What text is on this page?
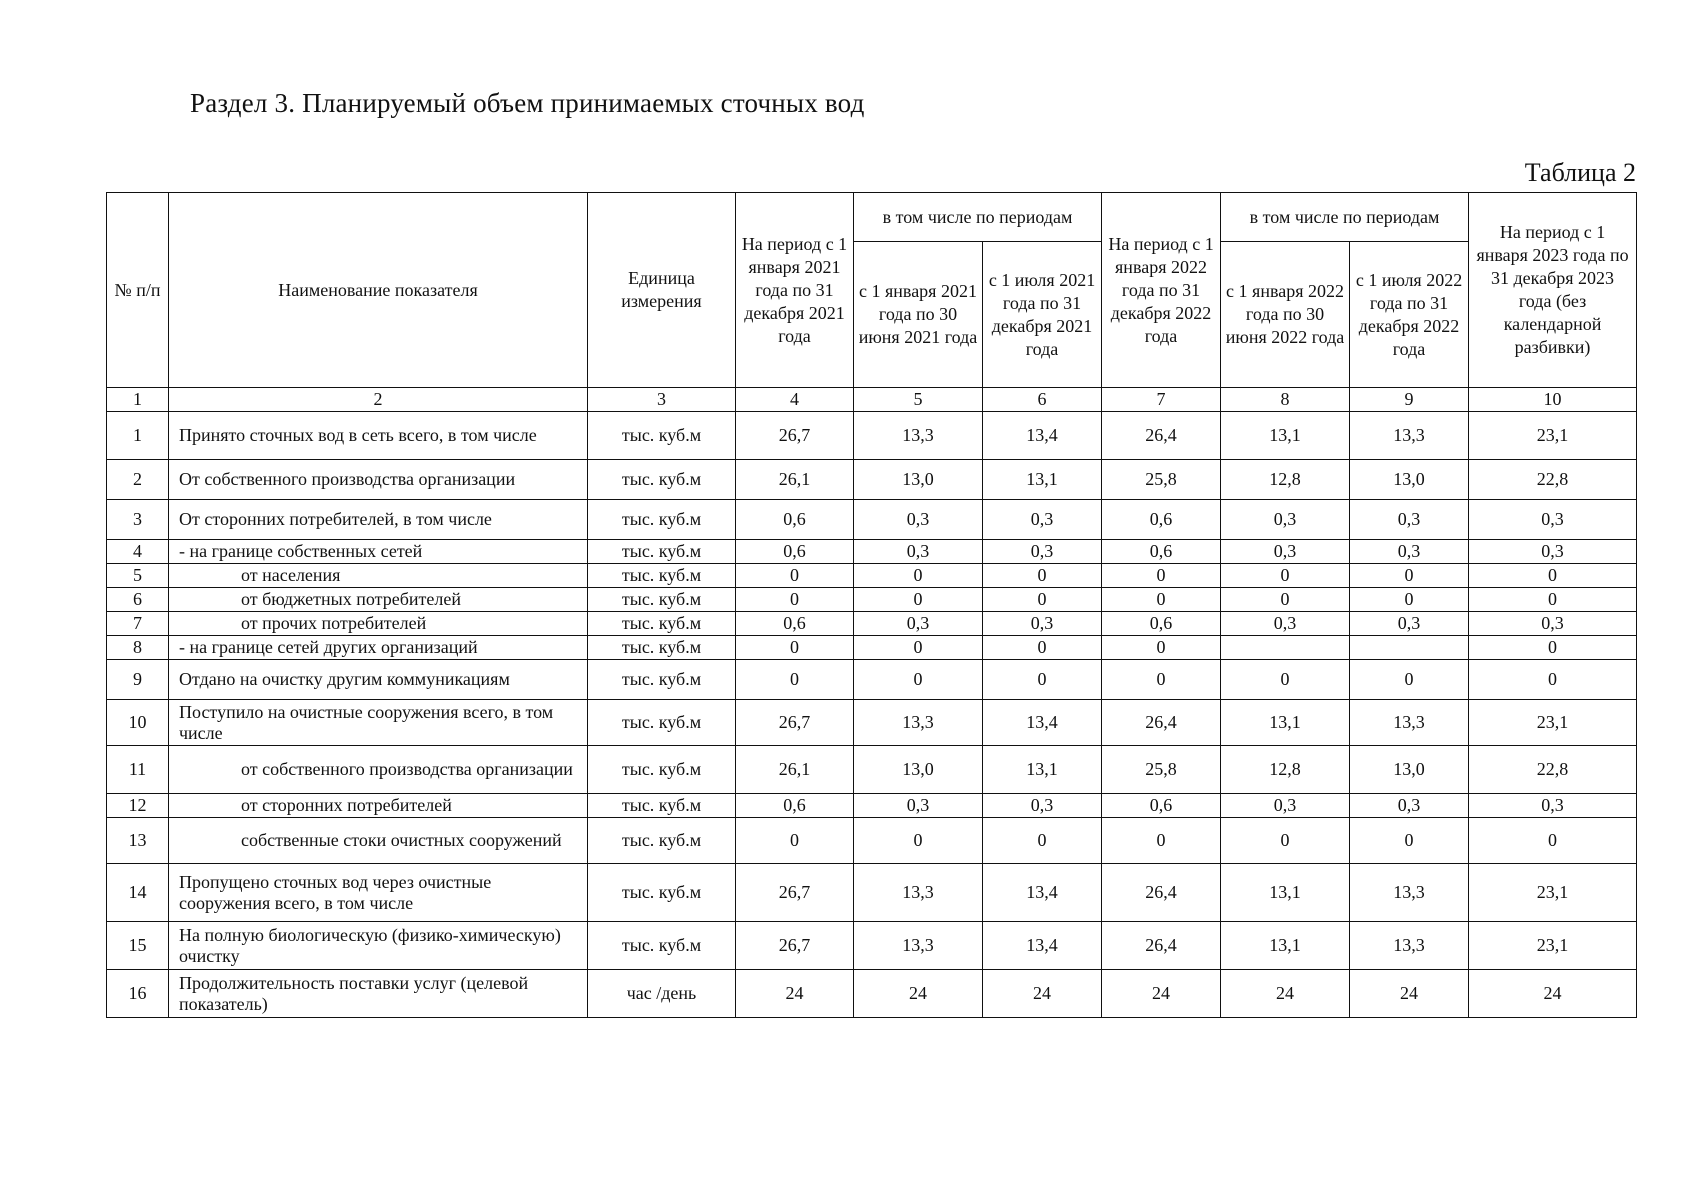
Раздел 3. Планируемый объем принимаемых сточных вод
Таблица 2
№ п/п	Наименование показателя	Единица измерения	На период с 1 января 2021 года по 31 декабря 2021 года	в том числе по периодам		На период с 1 января 2022 года по 31 декабря 2022 года	в том числе по периодам		На период с 1 января 2023 года по 31 декабря 2023 года (без календарной разбивки)
				с 1 января 2021 года по 30 июня 2021 года	с 1 июля 2021 года по 31 декабря 2021 года		с 1 января 2022 года по 30 июня 2022 года	с 1 июля 2022 года по 31 декабря 2022 года	
1	2	3	4	5	6	7	8	9	10
1	Принято сточных вод в сеть всего, в том числе	тыс. куб.м	26,7	13,3	13,4	26,4	13,1	13,3	23,1
2	От собственного производства организации	тыс. куб.м	26,1	13,0	13,1	25,8	12,8	13,0	22,8
3	От сторонних потребителей, в том числе	тыс. куб.м	0,6	0,3	0,3	0,6	0,3	0,3	0,3
4	- на границе собственных сетей	тыс. куб.м	0,6	0,3	0,3	0,6	0,3	0,3	0,3
5	от населения	тыс. куб.м	0	0	0	0	0	0	0
6	от бюджетных потребителей	тыс. куб.м	0	0	0	0	0	0	0
7	от прочих потребителей	тыс. куб.м	0,6	0,3	0,3	0,6	0,3	0,3	0,3
8	- на границе сетей других организаций	тыс. куб.м	0	0	0	0			0
9	Отдано на очистку другим коммуникациям	тыс. куб.м	0	0	0	0	0	0	0
10	Поступило на очистные сооружения всего, в том числе	тыс. куб.м	26,7	13,3	13,4	26,4	13,1	13,3	23,1
11	от собственного производства организации	тыс. куб.м	26,1	13,0	13,1	25,8	12,8	13,0	22,8
12	от сторонних потребителей	тыс. куб.м	0,6	0,3	0,3	0,6	0,3	0,3	0,3
13	собственные стоки очистных сооружений	тыс. куб.м	0	0	0	0	0	0	0
14	Пропущено сточных вод через очистные сооружения всего, в том числе	тыс. куб.м	26,7	13,3	13,4	26,4	13,1	13,3	23,1
15	На полную биологическую (физико-химическую) очистку	тыс. куб.м	26,7	13,3	13,4	26,4	13,1	13,3	23,1
16	Продолжительность поставки услуг (целевой показатель)	час /день	24	24	24	24	24	24	24
